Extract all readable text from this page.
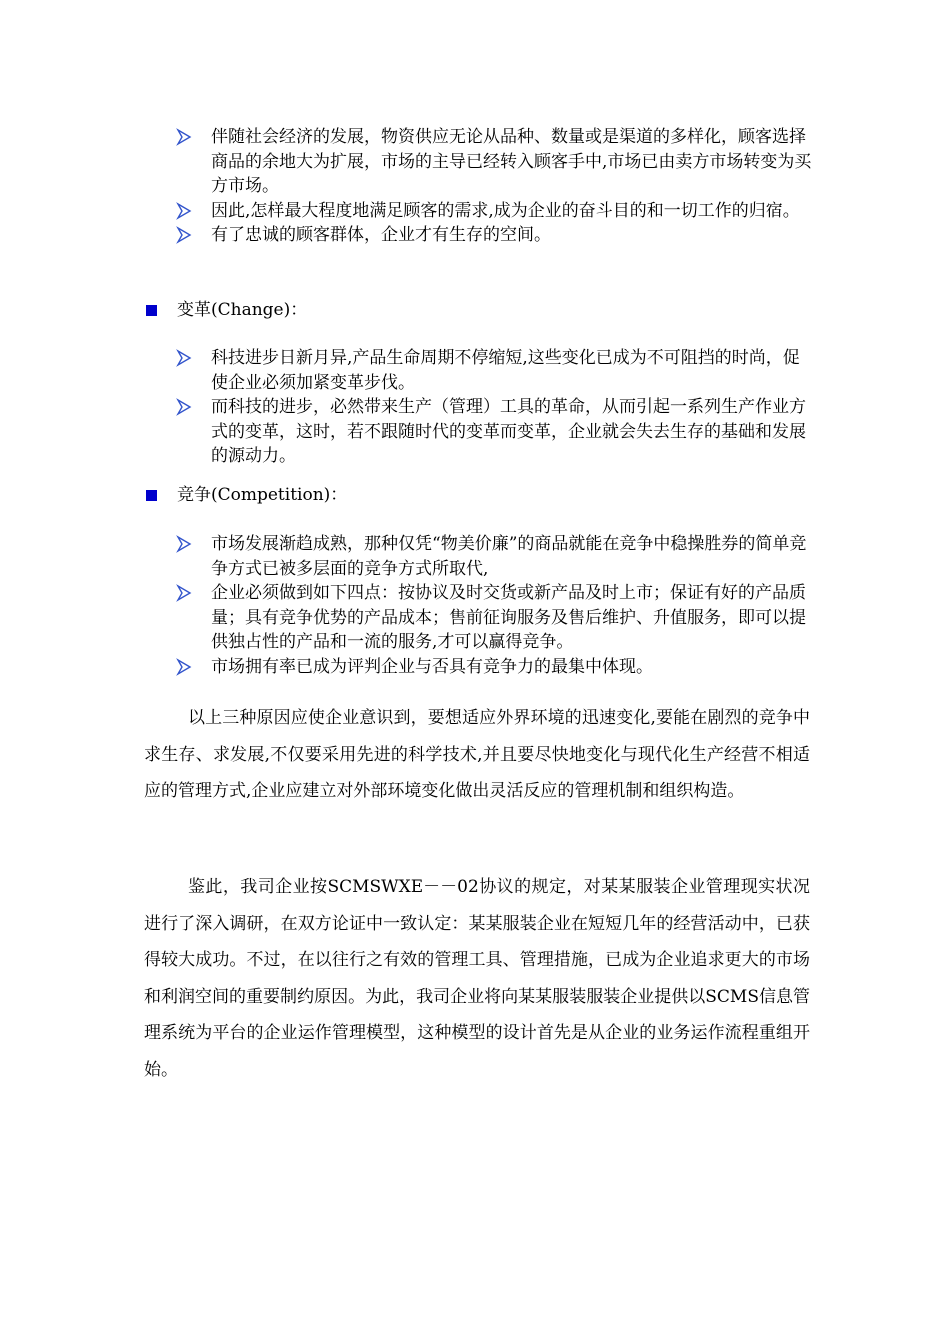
伴随社会经济的发展，物资供应无论从品种、数量或是渠道的多样化，顾客选择商品的余地大为扩展，市场的主导已经转入顾客手中,市场已由卖方市场转变为买方市场。
因此,怎样最大程度地满足顾客的需求,成为企业的奋斗目的和一切工作的归宿。
有了忠诚的顾客群体，企业才有生存的空间。
变革(Change)：
科技进步日新月异,产品生命周期不停缩短,这些变化已成为不可阻挡的时尚，促使企业必须加紧变革步伐。
而科技的进步，必然带来生产（管理）工具的革命，从而引起一系列生产作业方式的变革，这时，若不跟随时代的变革而变革，企业就会失去生存的基础和发展的源动力。
竞争(Competition)：
市场发展渐趋成熟，那种仅凭“物美价廉”的商品就能在竞争中稳操胜券的简单竞争方式已被多层面的竞争方式所取代,
企业必须做到如下四点：按协议及时交货或新产品及时上市；保证有好的产品质量；具有竞争优势的产品成本；售前征询服务及售后维护、升值服务，即可以提供独占性的产品和一流的服务,才可以赢得竞争。
市场拥有率已成为评判企业与否具有竞争力的最集中体现。

以上三种原因应使企业意识到，要想适应外界环境的迅速变化,要能在剧烈的竞争中求生存、求发展,不仅要采用先进的科学技术,并且要尽快地变化与现代化生产经营不相适应的管理方式,企业应建立对外部环境变化做出灵活反应的管理机制和组织构造。

鉴此，我司企业按SCMSWXE－－02协议的规定，对某某服装企业管理现实状况进行了深入调研，在双方论证中一致认定：某某服装企业在短短几年的经营活动中，已获得较大成功。不过，在以往行之有效的管理工具、管理措施，已成为企业追求更大的市场和利润空间的重要制约原因。为此，我司企业将向某某服装服装企业提供以SCMS信息管理系统为平台的企业运作管理模型，这种模型的设计首先是从企业的业务运作流程重组开始。
